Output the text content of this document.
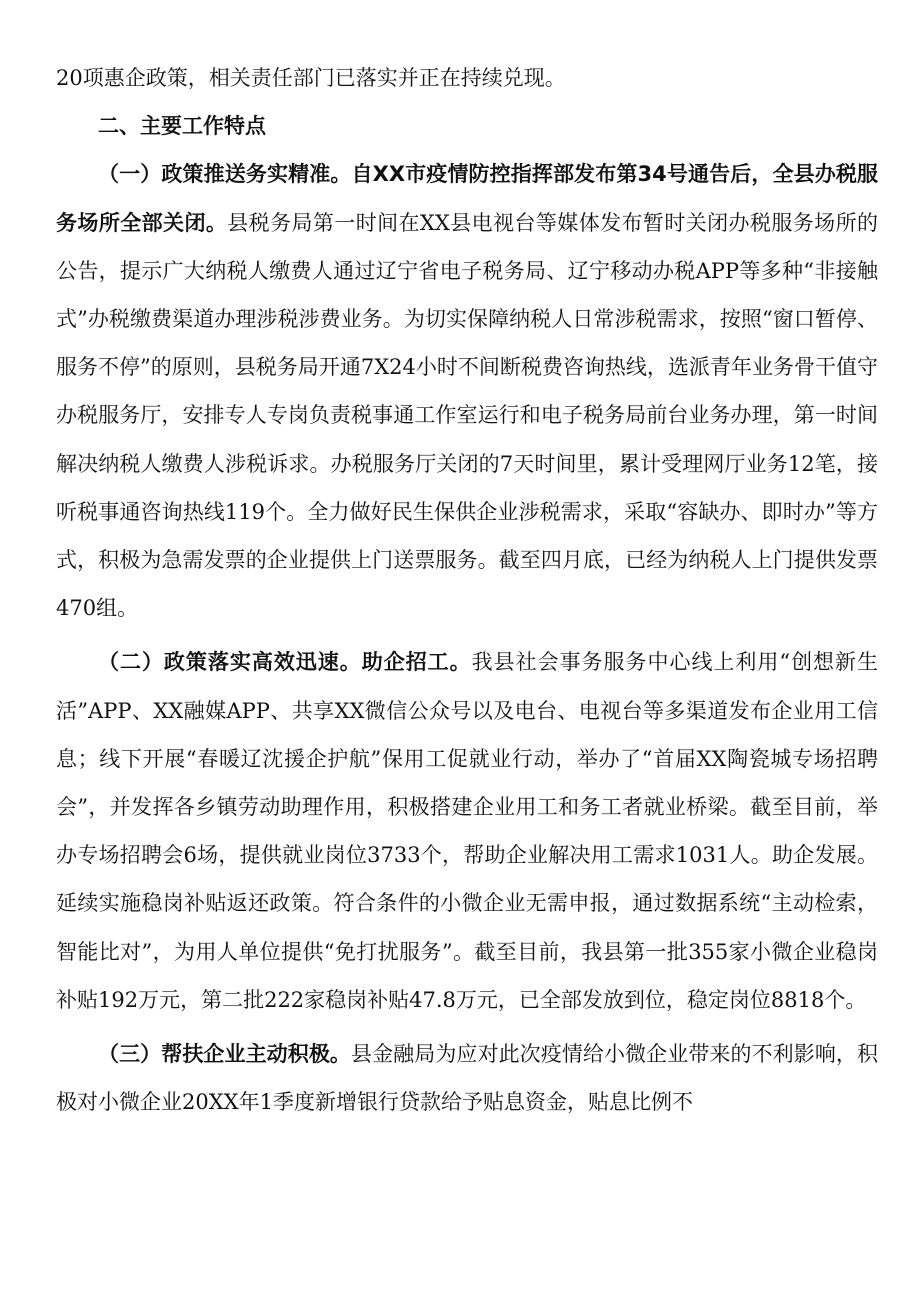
20项惠企政策，相关责任部门已落实并正在持续兑现。

二、主要工作特点

（一）政策推送务实精准。自XX市疫情防控指挥部发布第34号通告后，全县办税服务场所全部关闭。县税务局第一时间在XX县电视台等媒体发布暂时关闭办税服务场所的公告，提示广大纳税人缴费人通过辽宁省电子税务局、辽宁移动办税APP等多种“非接触式”办税缴费渠道办理涉税涉费业务。为切实保障纳税人日常涉税需求，按照“窗口暂停、服务不停”的原则，县税务局开通7X24小时不间断税费咨询热线，选派青年业务骨干值守办税服务厅，安排专人专岗负责税事通工作室运行和电子税务局前台业务办理，第一时间解决纳税人缴费人涉税诉求。办税服务厅关闭的7天时间里，累计受理网厅业务12笔，接听税事通咨询热线119个。全力做好民生保供企业涉税需求，采取“容缺办、即时办”等方式，积极为急需发票的企业提供上门送票服务。截至四月底，已经为纳税人上门提供发票470组。

（二）政策落实高效迅速。助企招工。我县社会事务服务中心线上利用“创想新生活”APP、XX融媒APP、共享XX微信公众号以及电台、电视台等多渠道发布企业用工信息；线下开展“春暖辽沈援企护航”保用工促就业行动，举办了“首届XX陶瓷城专场招聘会”，并发挥各乡镇劳动助理作用，积极搭建企业用工和务工者就业桥梁。截至目前，举办专场招聘会6场，提供就业岗位3733个，帮助企业解决用工需求1031人。助企发展。延续实施稳岗补贴返还政策。符合条件的小微企业无需申报，通过数据系统“主动检索，智能比对”，为用人单位提供“免打扰服务”。截至目前，我县第一批355家小微企业稳岗补贴192万元，第二批222家稳岗补贴47.8万元，已全部发放到位，稳定岗位8818个。

（三）帮扶企业主动积极。县金融局为应对此次疫情给小微企业带来的不利影响，积极对小微企业20XX年1季度新增银行贷款给予贴息资金，贴息比例不
